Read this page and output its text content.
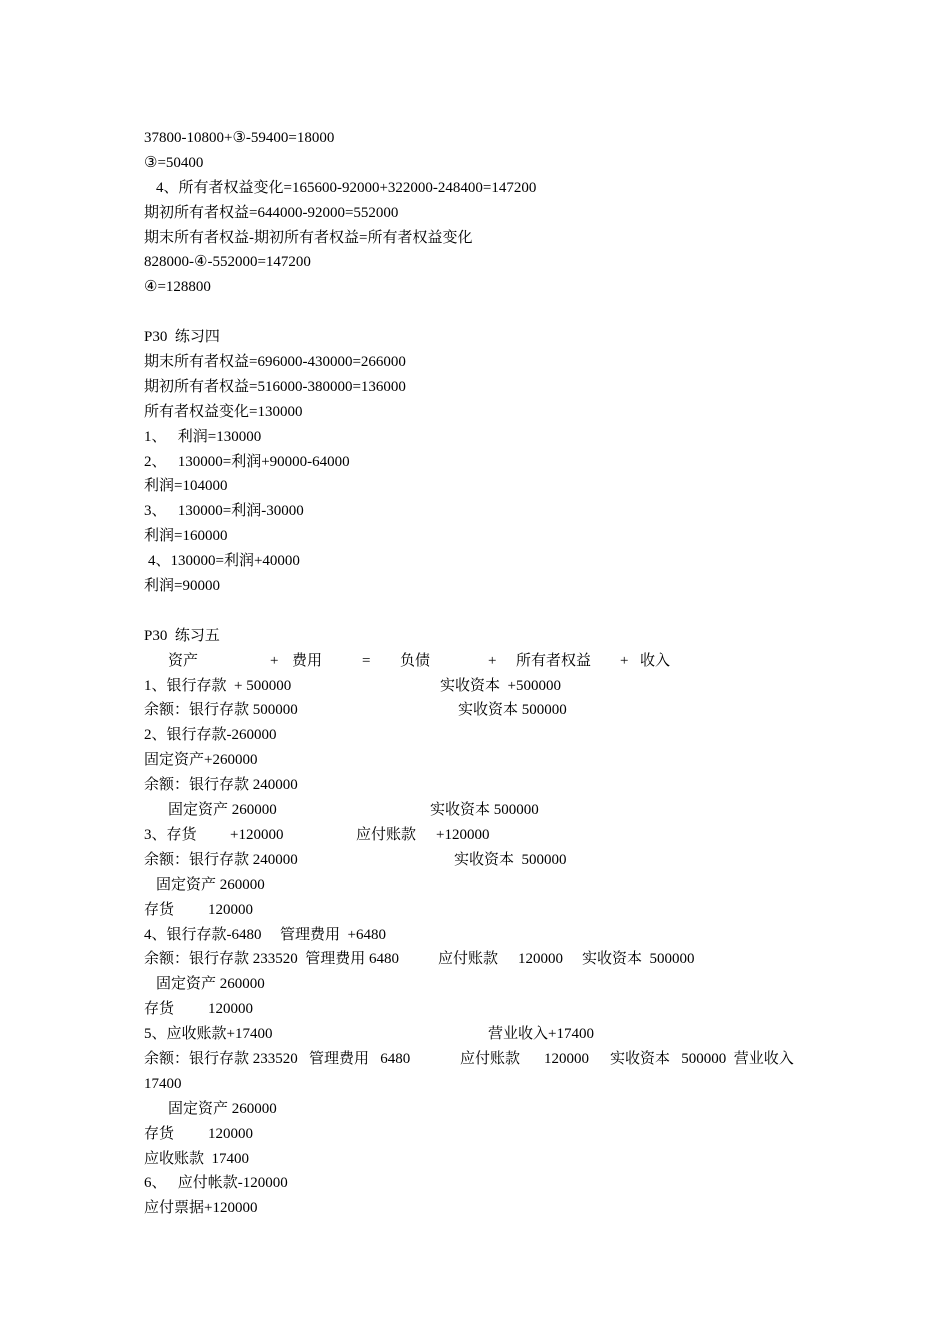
37800-10800+③-59400=18000
③=50400
4、所有者权益变化=165600-92000+322000-248400=147200
期初所有者权益=644000-92000=552000
期末所有者权益-期初所有者权益=所有者权益变化
828000-④-552000=147200
④=128800
P30  练习四
期末所有者权益=696000-430000=266000
期初所有者权益=516000-380000=136000
所有者权益变化=130000
1、   利润=130000
2、   130000=利润+90000-64000
利润=104000
3、   130000=利润-30000
利润=160000
4、130000=利润+40000
利润=90000
P30  练习五
资产	+ 费用	= 负债	+ 所有者权益 + 收入
1、银行存款  + 500000	实收资本  +500000
余额：银行存款 500000	实收资本 500000
2、银行存款-260000
固定资产+260000
余额：银行存款 240000
固定资产 260000	实收资本 500000
3、存货 +120000	应付账款 +120000
余额：银行存款 240000	实收资本  500000
固定资产 260000
存货 120000
4、银行存款-6480 管理费用  +6480
余额：银行存款 233520  管理费用 6480	应付账款 120000 实收资本  500000
固定资产 260000
存货 120000
5、应收账款+17400	营业收入+17400
余额：银行存款 233520   管理费用   6480	应付账款 120000 实收资本   500000  营业收入
17400
固定资产 260000
存货 120000
应收账款  17400
6、   应付帐款-120000
应付票据+120000
